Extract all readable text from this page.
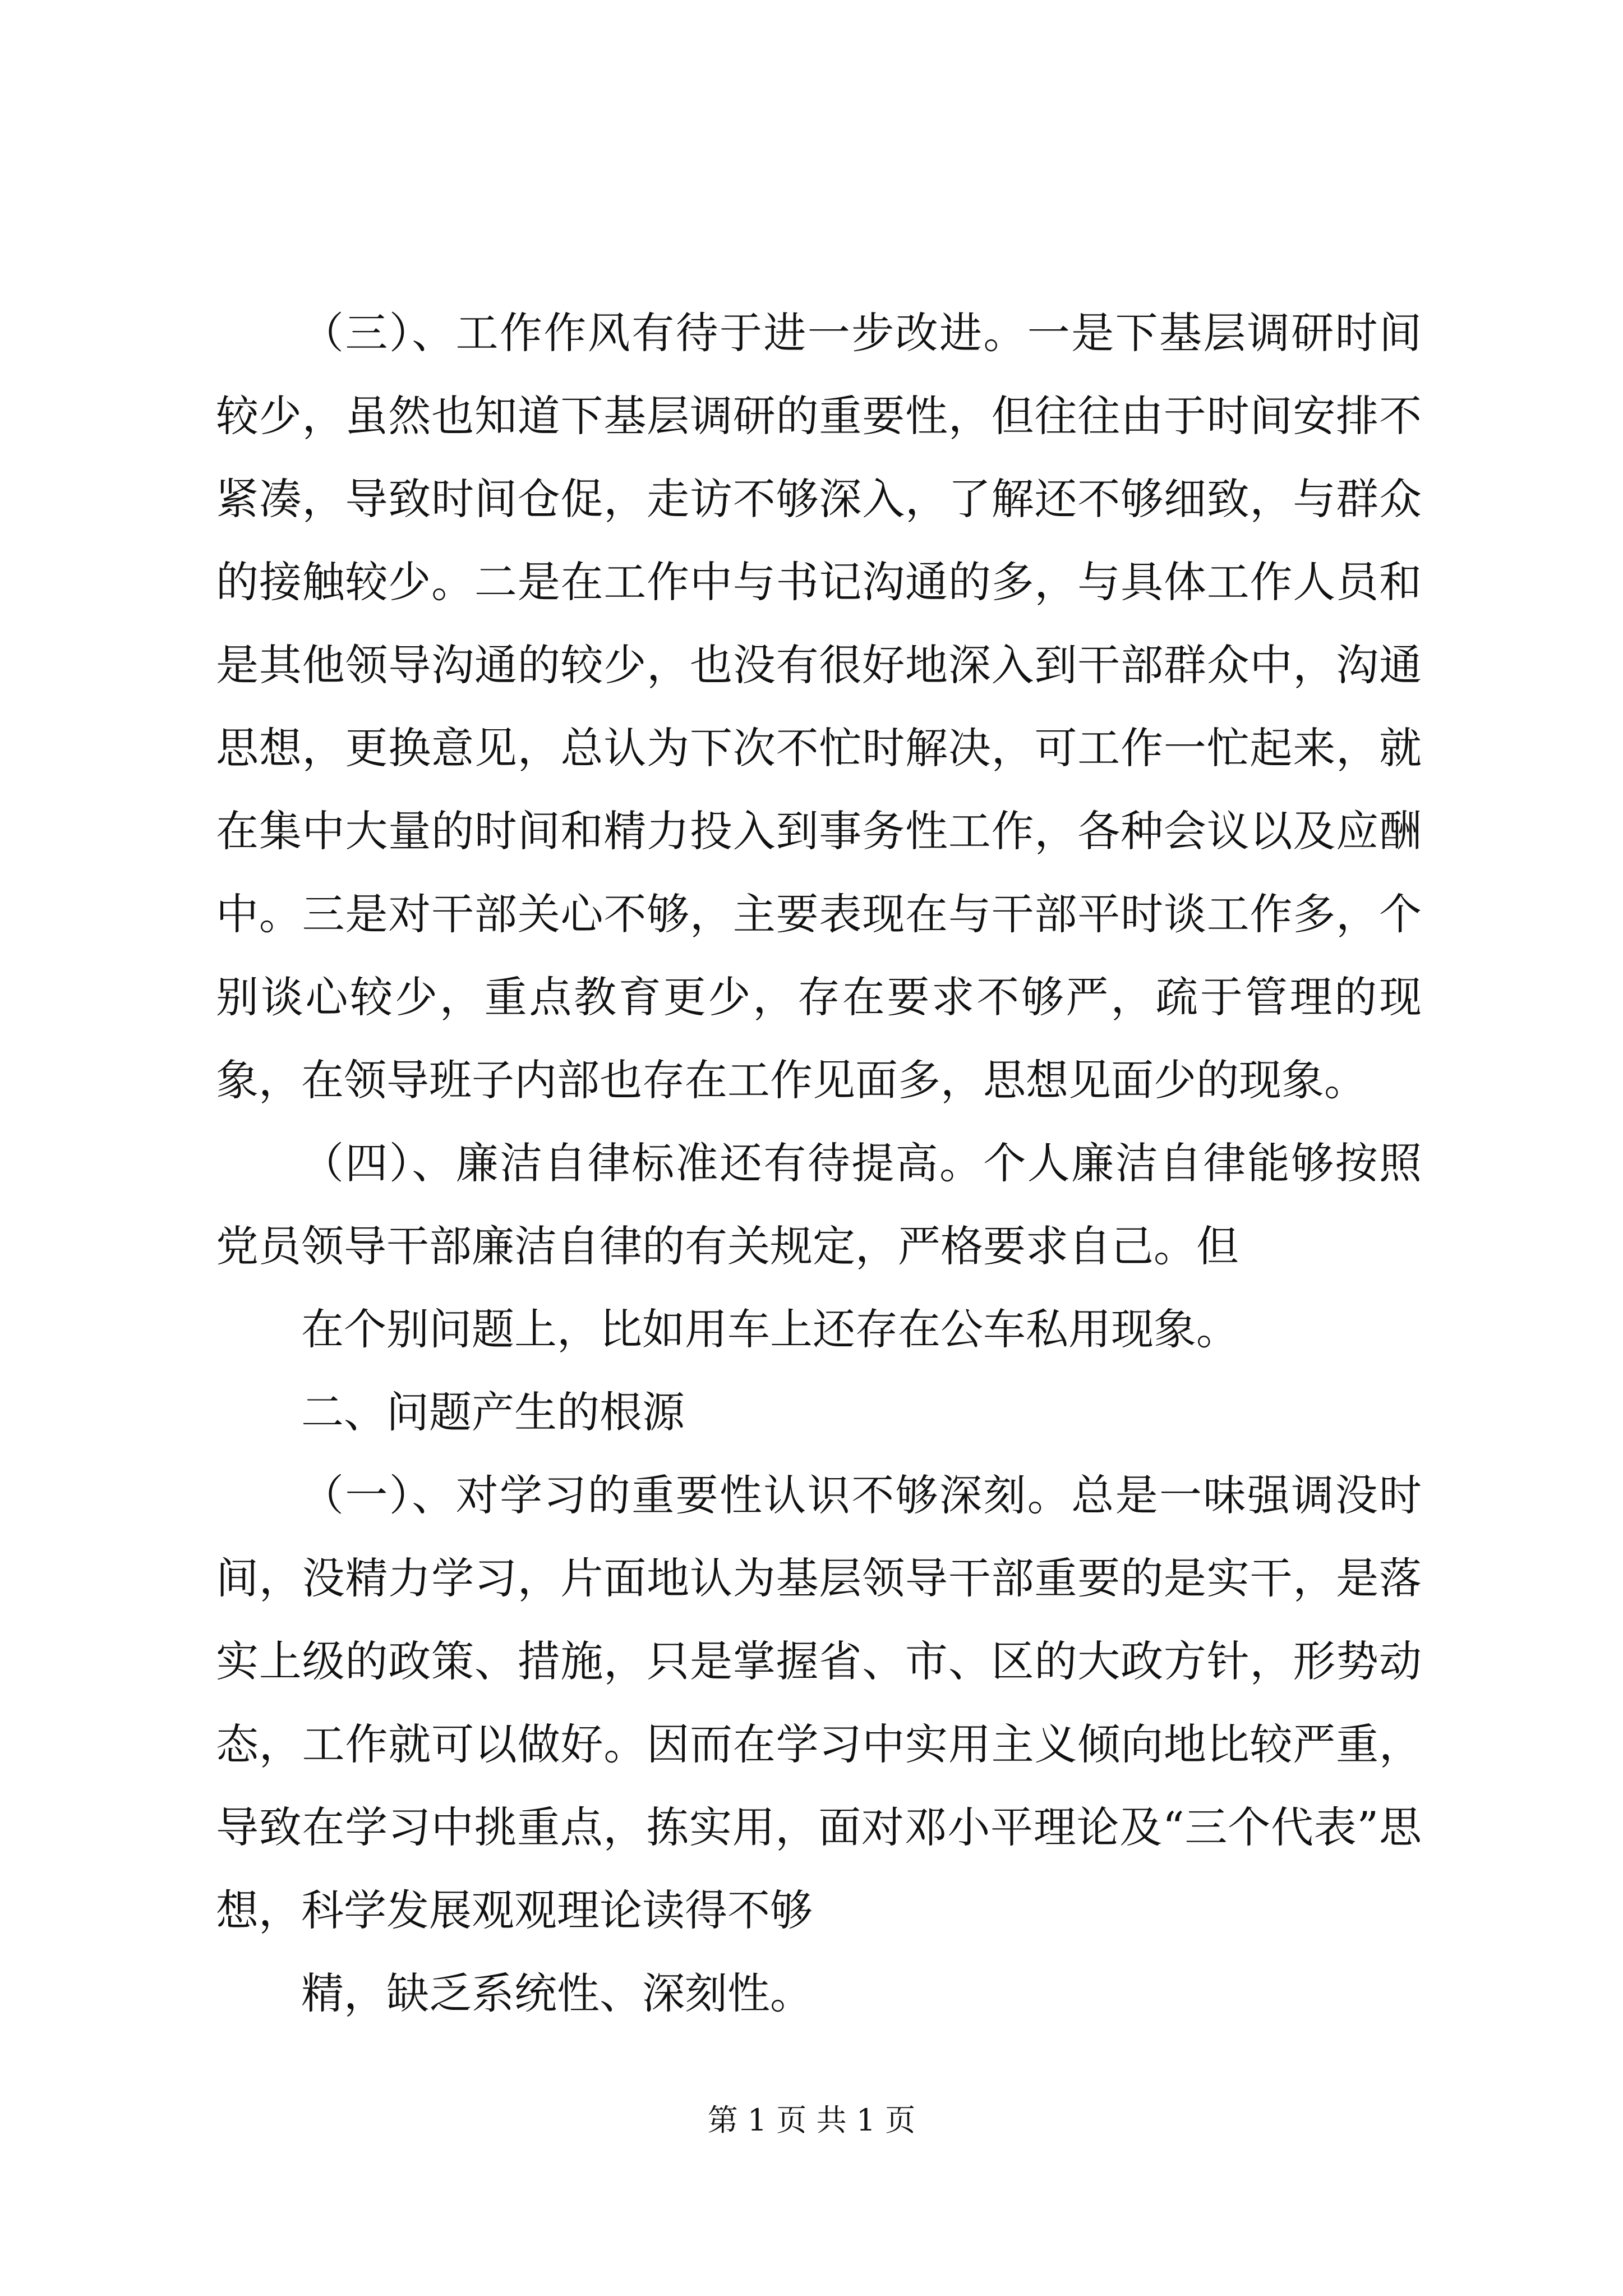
（三）、工作作风有待于进一步改进。一是下基层调研时间较少，虽然也知道下基层调研的重要性，但往往由于时间安排不紧凑，导致时间仓促，走访不够深入，了解还不够细致，与群众的接触较少。二是在工作中与书记沟通的多，与具体工作人员和是其他领导沟通的较少，也没有很好地深入到干部群众中，沟通思想，更换意见，总认为下次不忙时解决，可工作一忙起来，就在集中大量的时间和精力投入到事务性工作，各种会议以及应酬中。三是对干部关心不够，主要表现在与干部平时谈工作多，个别谈心较少，重点教育更少，存在要求不够严，疏于管理的现象，在领导班子内部也存在工作见面多，思想见面少的现象。

（四）、廉洁自律标准还有待提高。个人廉洁自律能够按照党员领导干部廉洁自律的有关规定，严格要求自己。但

在个别问题上，比如用车上还存在公车私用现象。

二、问题产生的根源

（一）、对学习的重要性认识不够深刻。总是一味强调没时间，没精力学习，片面地认为基层领导干部重要的是实干，是落实上级的政策、措施，只是掌握省、市、区的大政方针，形势动态，工作就可以做好。因而在学习中实用主义倾向地比较严重，导致在学习中挑重点，拣实用，面对邓小平理论及“三个代表”思想，科学发展观观理论读得不够

精，缺乏系统性、深刻性。

第 1 页 共 1 页
